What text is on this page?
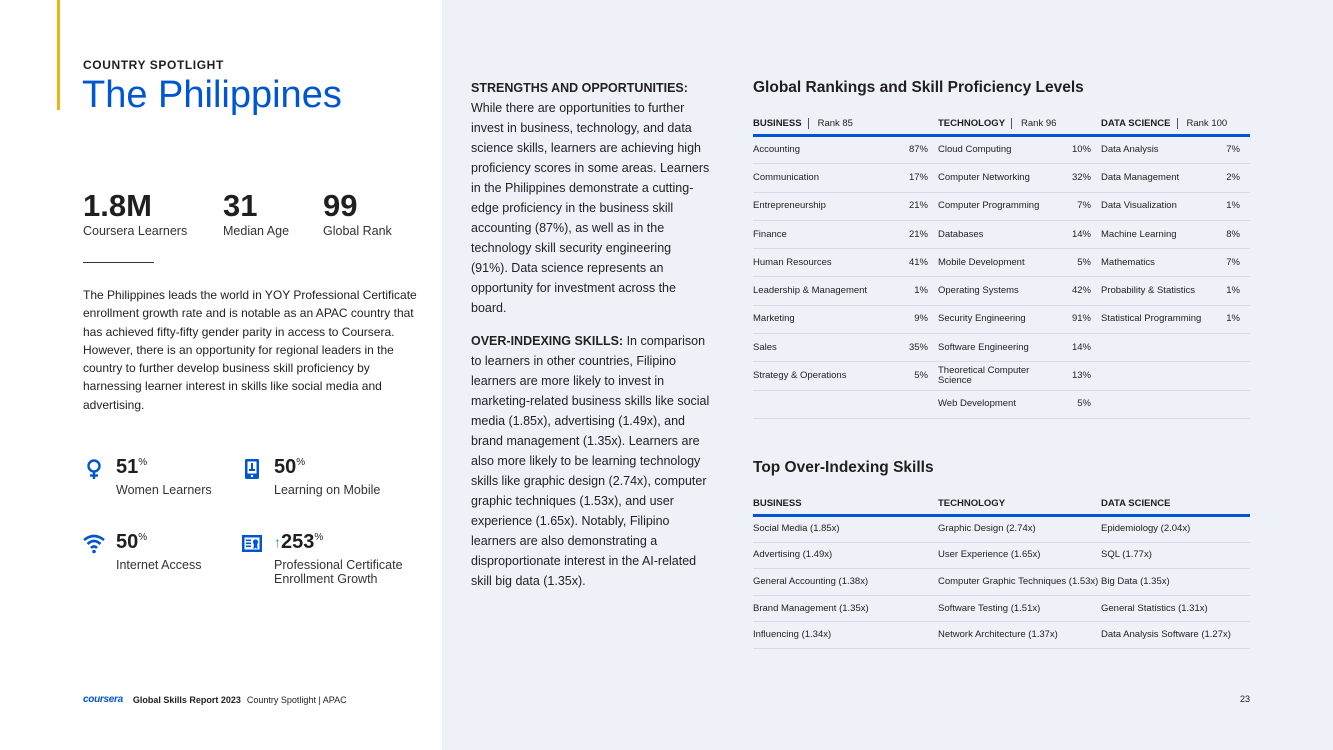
COUNTRY SPOTLIGHT
The Philippines
1.8M
Coursera Learners
31
Median Age
99
Global Rank

The Philippines leads the world in YOY Professional Certificate enrollment growth rate and is notable as an APAC country that has achieved fifty-fifty gender parity in access to Coursera. However, there is an opportunity for regional leaders in the country to further develop business skill proficiency by harnessing learner interest in skills like social media and advertising.

51%
Women Learners
50%
Learning on Mobile
50%
Internet Access
↑253%
Professional Certificate Enrollment Growth

STRENGTHS AND OPPORTUNITIES:
While there are opportunities to further invest in business, technology, and data science skills, learners are achieving high proficiency scores in some areas. Learners in the Philippines demonstrate a cutting-edge proficiency in the business skill accounting (87%), as well as in the technology skill security engineering (91%). Data science represents an opportunity for investment across the board.

OVER-INDEXING SKILLS: In comparison to learners in other countries, Filipino learners are more likely to invest in marketing-related business skills like social media (1.85x), advertising (1.49x), and brand management (1.35x). Learners are also more likely to be learning technology skills like graphic design (2.74x), computer graphic techniques (1.53x), and user experience (1.65x). Notably, Filipino learners are also demonstrating a disproportionate interest in the AI-related skill big data (1.35x).

Global Rankings and Skill Proficiency Levels
BUSINESS Rank 85		TECHNOLOGY Rank 96		DATA SCIENCE Rank 100	
Accounting	87%	Cloud Computing	10%	Data Analysis	7%
Communication	17%	Computer Networking	32%	Data Management	2%
Entrepreneurship	21%	Computer Programming	7%	Data Visualization	1%
Finance	21%	Databases	14%	Machine Learning	8%
Human Resources	41%	Mobile Development	5%	Mathematics	7%
Leadership & Management	1%	Operating Systems	42%	Probability & Statistics	1%
Marketing	9%	Security Engineering	91%	Statistical Programming	1%
Sales	35%	Software Engineering	14%		
Strategy & Operations	5%	Theoretical Computer Science	13%		
		Web Development	5%		
Top Over-Indexing Skills
BUSINESS	TECHNOLOGY	DATA SCIENCE
Social Media (1.85x)	Graphic Design (2.74x)	Epidemiology (2.04x)
Advertising (1.49x)	User Experience (1.65x)	SQL (1.77x)
General Accounting (1.38x)	Computer Graphic Techniques (1.53x)	Big Data (1.35x)
Brand Management (1.35x)	Software Testing (1.51x)	General Statistics (1.31x)
Influencing (1.34x)	Network Architecture (1.37x)	Data Analysis Software (1.27x)
coursera Global Skills Report 2023 Country Spotlight | APAC	23
